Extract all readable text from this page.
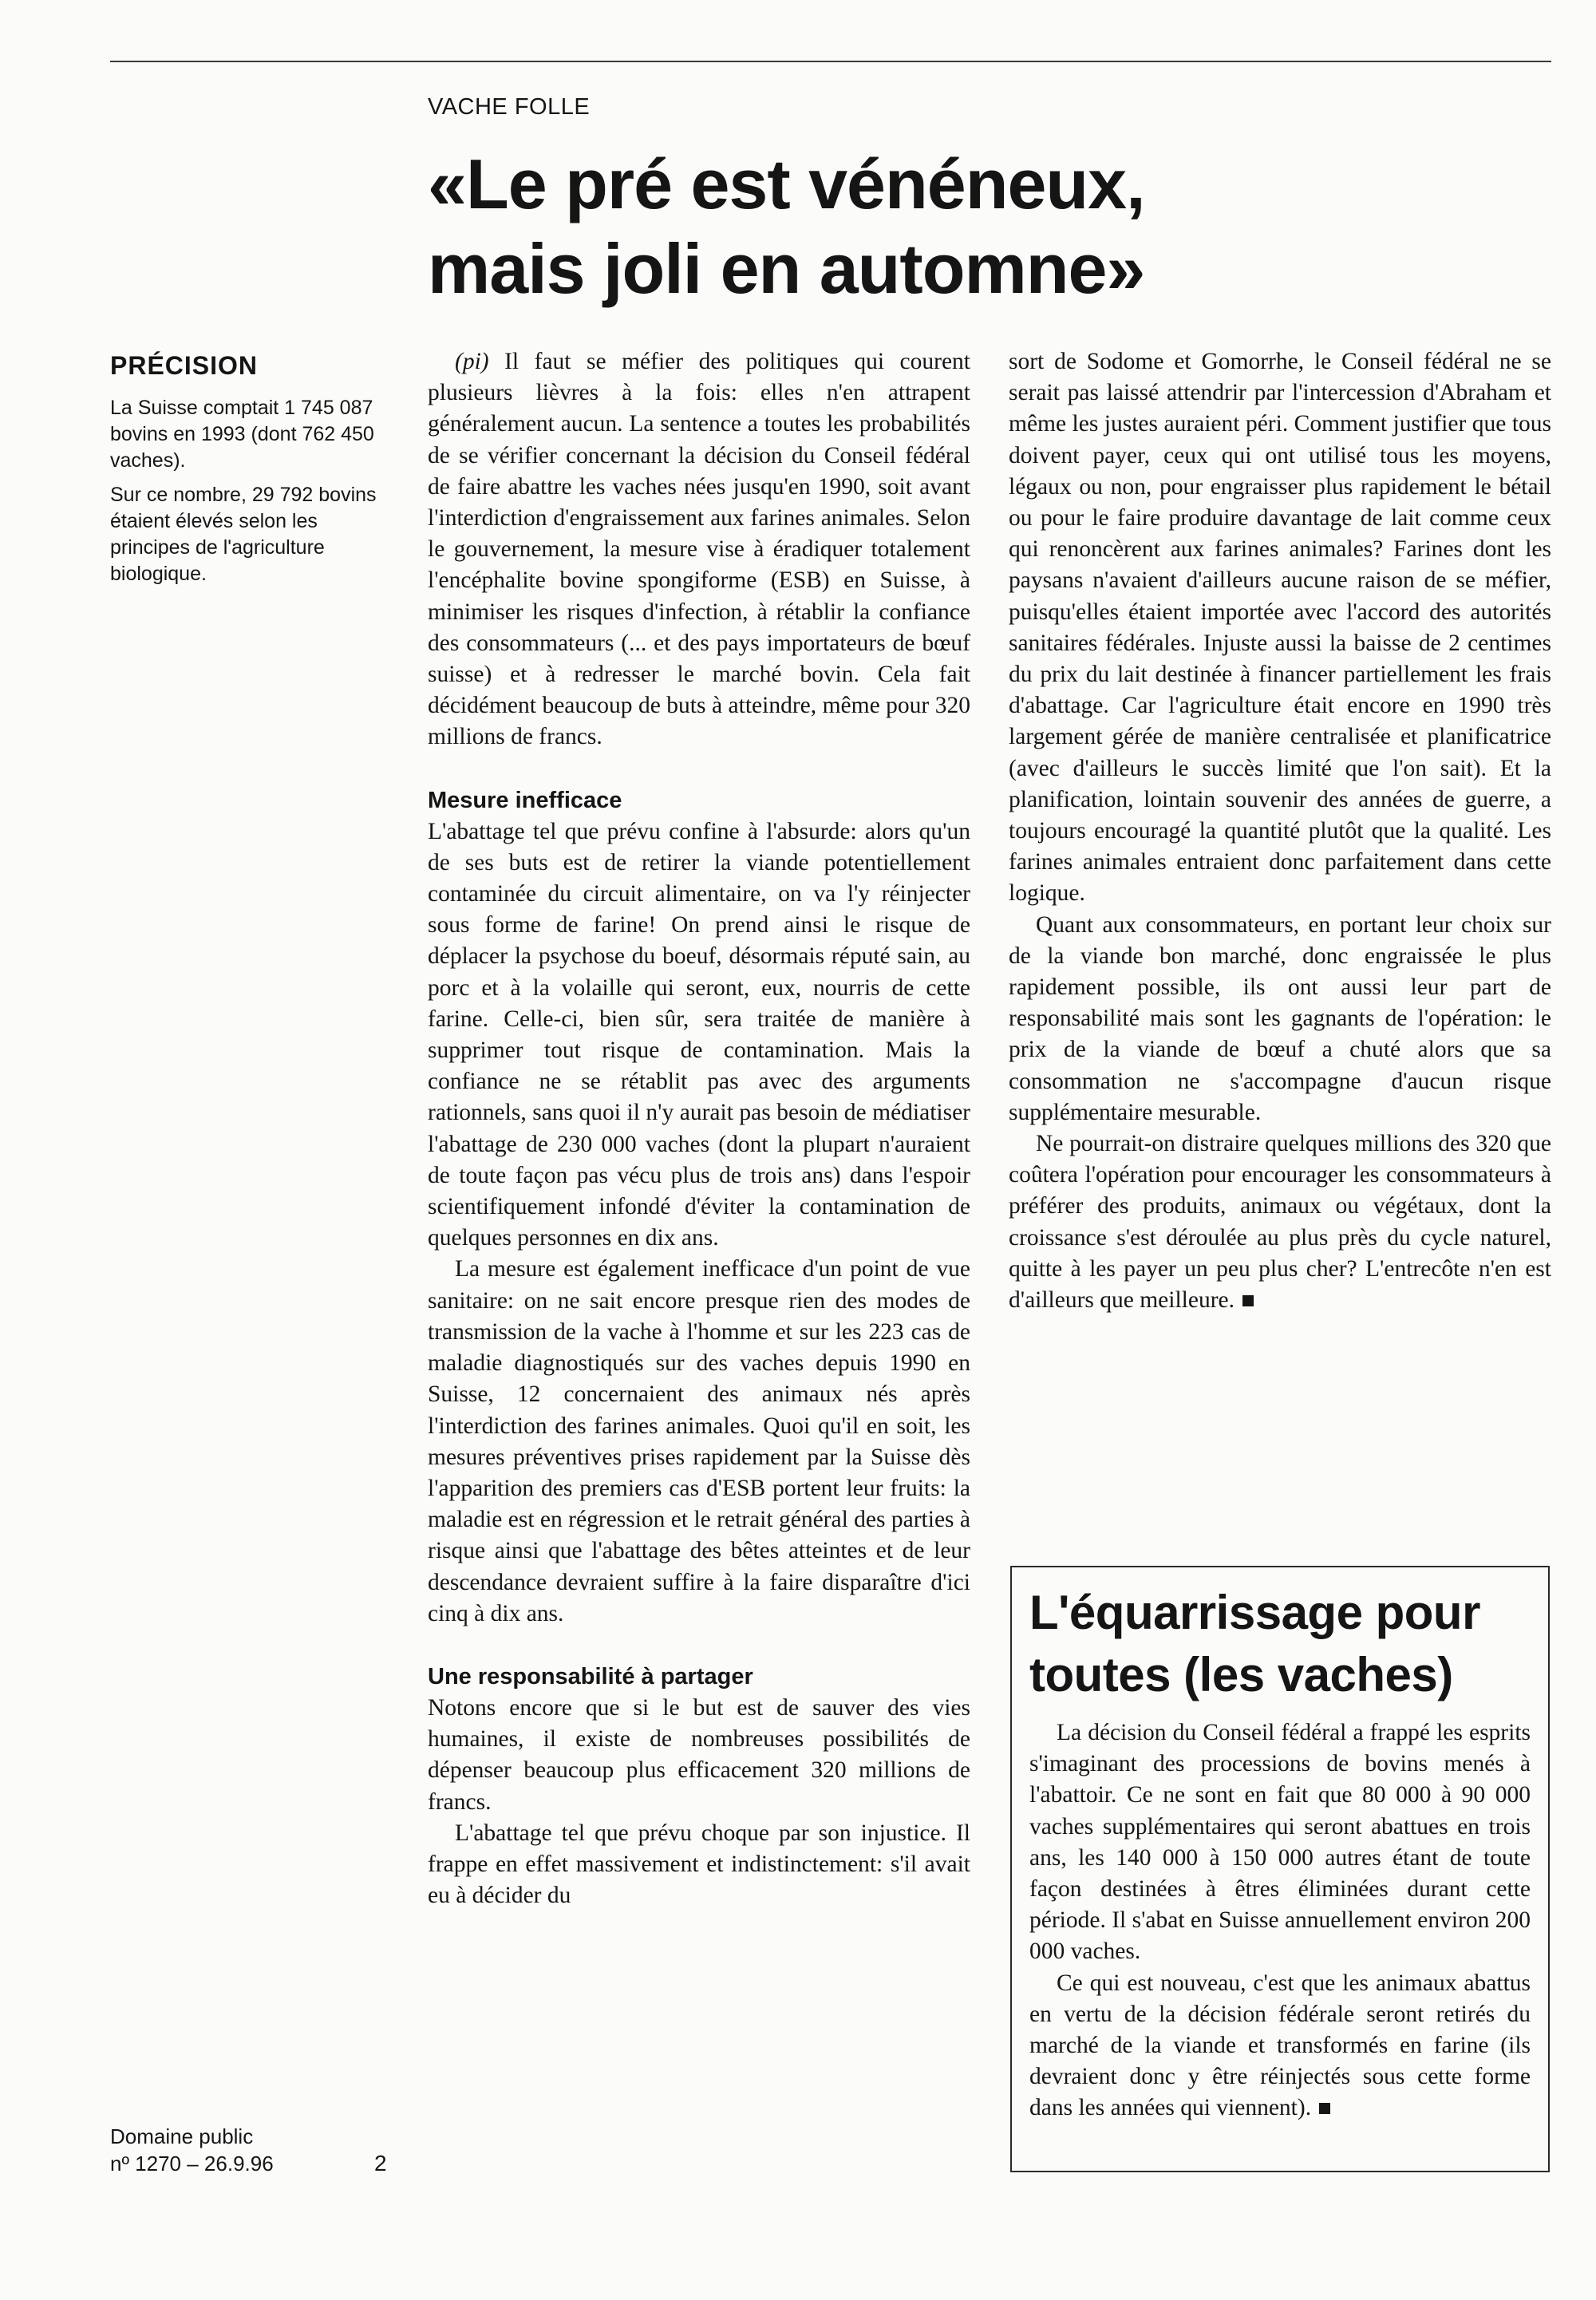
VACHE FOLLE
«Le pré est vénéneux,
mais joli en automne»
PRÉCISION

La Suisse comptait 1 745 087 bovins en 1993 (dont 762 450 vaches).

Sur ce nombre, 29 792 bovins étaient élevés selon les principes de l'agriculture biologique.

Domaine public
nº 1270 – 26.9.96	2

(pi) Il faut se méfier des politiques qui courent plusieurs lièvres à la fois: elles n'en attrapent généralement aucun. La sentence a toutes les probabilités de se vérifier concernant la décision du Conseil fédéral de faire abattre les vaches nées jusqu'en 1990, soit avant l'interdiction d'engraissement aux farines animales. Selon le gouvernement, la mesure vise à éradiquer totalement l'encéphalite bovine spongiforme (ESB) en Suisse, à minimiser les risques d'infection, à rétablir la confiance des consommateurs (... et des pays importateurs de bœuf suisse) et à redresser le marché bovin. Cela fait décidément beaucoup de buts à atteindre, même pour 320 millions de francs.

Mesure inefficace

L'abattage tel que prévu confine à l'absurde: alors qu'un de ses buts est de retirer la viande potentiellement contaminée du circuit alimentaire, on va l'y réinjecter sous forme de farine! On prend ainsi le risque de déplacer la psychose du boeuf, désormais réputé sain, au porc et à la volaille qui seront, eux, nourris de cette farine. Celle-ci, bien sûr, sera traitée de manière à supprimer tout risque de contamination. Mais la confiance ne se rétablit pas avec des arguments rationnels, sans quoi il n'y aurait pas besoin de médiatiser l'abattage de 230 000 vaches (dont la plupart n'auraient de toute façon pas vécu plus de trois ans) dans l'espoir scientifiquement infondé d'éviter la contamination de quelques personnes en dix ans.

La mesure est également inefficace d'un point de vue sanitaire: on ne sait encore presque rien des modes de transmission de la vache à l'homme et sur les 223 cas de maladie diagnostiqués sur des vaches depuis 1990 en Suisse, 12 concernaient des animaux nés après l'interdiction des farines animales. Quoi qu'il en soit, les mesures préventives prises rapidement par la Suisse dès l'apparition des premiers cas d'ESB portent leur fruits: la maladie est en régression et le retrait général des parties à risque ainsi que l'abattage des bêtes atteintes et de leur descendance devraient suffire à la faire disparaître d'ici cinq à dix ans.

Une responsabilité à partager

Notons encore que si le but est de sauver des vies humaines, il existe de nombreuses possibilités de dépenser beaucoup plus efficacement 320 millions de francs.

L'abattage tel que prévu choque par son injustice. Il frappe en effet massivement et indistinctement: s'il avait eu à décider du

sort de Sodome et Gomorrhe, le Conseil fédéral ne se serait pas laissé attendrir par l'intercession d'Abraham et même les justes auraient péri. Comment justifier que tous doivent payer, ceux qui ont utilisé tous les moyens, légaux ou non, pour engraisser plus rapidement le bétail ou pour le faire produire davantage de lait comme ceux qui renoncèrent aux farines animales? Farines dont les paysans n'avaient d'ailleurs aucune raison de se méfier, puisqu'elles étaient importée avec l'accord des autorités sanitaires fédérales. Injuste aussi la baisse de 2 centimes du prix du lait destinée à financer partiellement les frais d'abattage. Car l'agriculture était encore en 1990 très largement gérée de manière centralisée et planificatrice (avec d'ailleurs le succès limité que l'on sait). Et la planification, lointain souvenir des années de guerre, a toujours encouragé la quantité plutôt que la qualité. Les farines animales entraient donc parfaitement dans cette logique.

Quant aux consommateurs, en portant leur choix sur de la viande bon marché, donc engraissée le plus rapidement possible, ils ont aussi leur part de responsabilité mais sont les gagnants de l'opération: le prix de la viande de bœuf a chuté alors que sa consommation ne s'accompagne d'aucun risque supplémentaire mesurable.

Ne pourrait-on distraire quelques millions des 320 que coûtera l'opération pour encourager les consommateurs à préférer des produits, animaux ou végétaux, dont la croissance s'est déroulée au plus près du cycle naturel, quitte à les payer un peu plus cher? L'entrecôte n'en est d'ailleurs que meilleure.

L'équarrissage pour
toutes (les vaches)

La décision du Conseil fédéral a frappé les esprits s'imaginant des processions de bovins menés à l'abattoir. Ce ne sont en fait que 80 000 à 90 000 vaches supplémentaires qui seront abattues en trois ans, les 140 000 à 150 000 autres étant de toute façon destinées à êtres éliminées durant cette période. Il s'abat en Suisse annuellement environ 200 000 vaches.

Ce qui est nouveau, c'est que les animaux abattus en vertu de la décision fédérale seront retirés du marché de la viande et transformés en farine (ils devraient donc y être réinjectés sous cette forme dans les années qui viennent).
